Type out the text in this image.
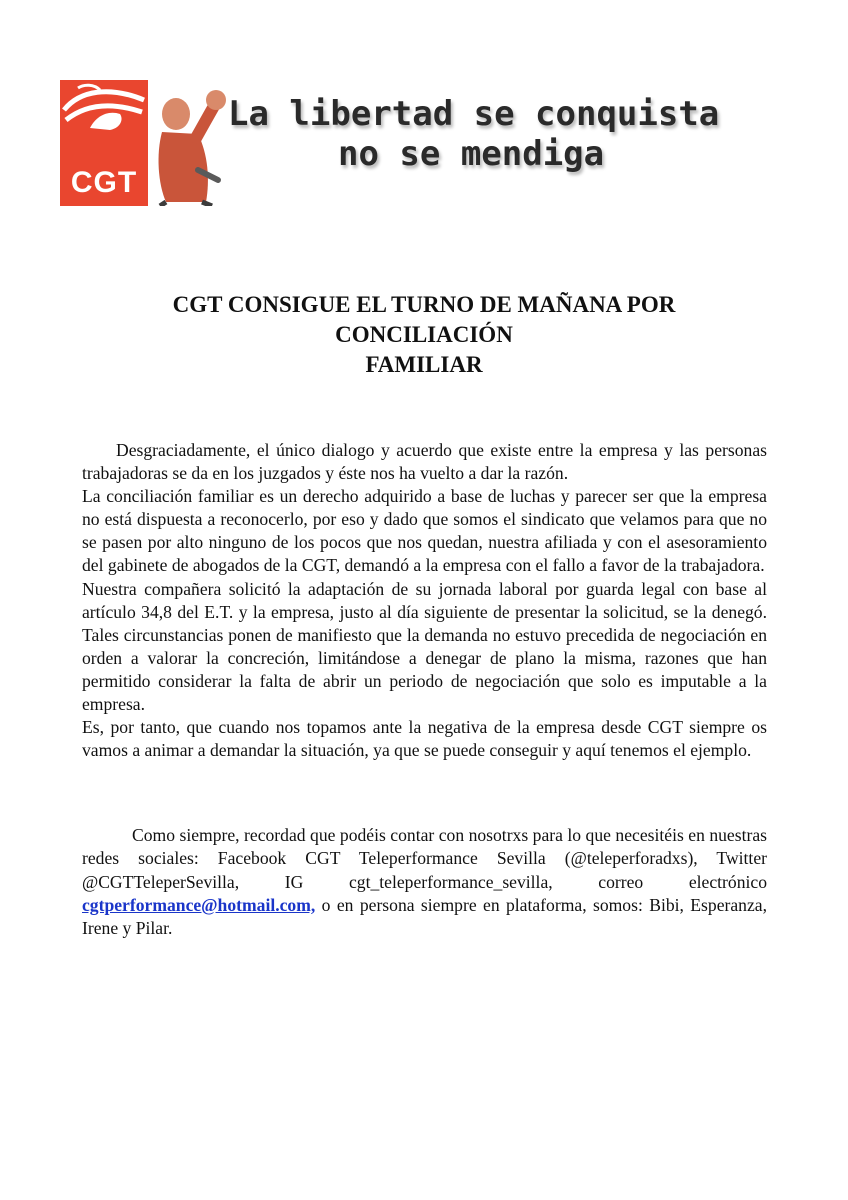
CGT
La libertad se conquista
no se mendiga
CGT CONSIGUE EL TURNO DE MAÑANA POR
CONCILIACIÓN
FAMILIAR

Desgraciadamente, el único dialogo y acuerdo que existe entre la empresa y las personas trabajadoras se da en los juzgados y éste nos ha vuelto a dar la razón.

La conciliación familiar es un derecho adquirido a base de luchas y parecer ser que la empresa no está dispuesta a reconocerlo, por eso y dado que somos el sindicato que velamos para que no se pasen por alto ninguno de los pocos que nos quedan, nuestra afiliada y con el asesoramiento del gabinete de abogados de la CGT, demandó a la empresa con el fallo a favor de la trabajadora.

Nuestra compañera solicitó la adaptación de su jornada laboral por guarda legal con base al artículo 34,8 del E.T. y la empresa, justo al día siguiente de presentar la solicitud, se la denegó. Tales circunstancias ponen de manifiesto que la demanda no estuvo precedida de negociación en orden a valorar la concreción, limitándose a denegar de plano la misma, razones que han permitido considerar la falta de abrir un periodo de negociación que solo es imputable a la empresa.

Es, por tanto, que cuando nos topamos ante la negativa de la empresa desde CGT siempre os vamos a animar a demandar la situación, ya que se puede conseguir y aquí tenemos el ejemplo.

Como siempre, recordad que podéis contar con nosotrxs para lo que necesitéis en nuestras redes sociales: Facebook CGT Teleperformance Sevilla (@teleperforadxs), Twitter @CGTTeleperSevilla, IG cgt_teleperformance_sevilla, correo electrónico cgtperformance@hotmail.com, o en persona siempre en plataforma, somos: Bibi, Esperanza, Irene y Pilar.
